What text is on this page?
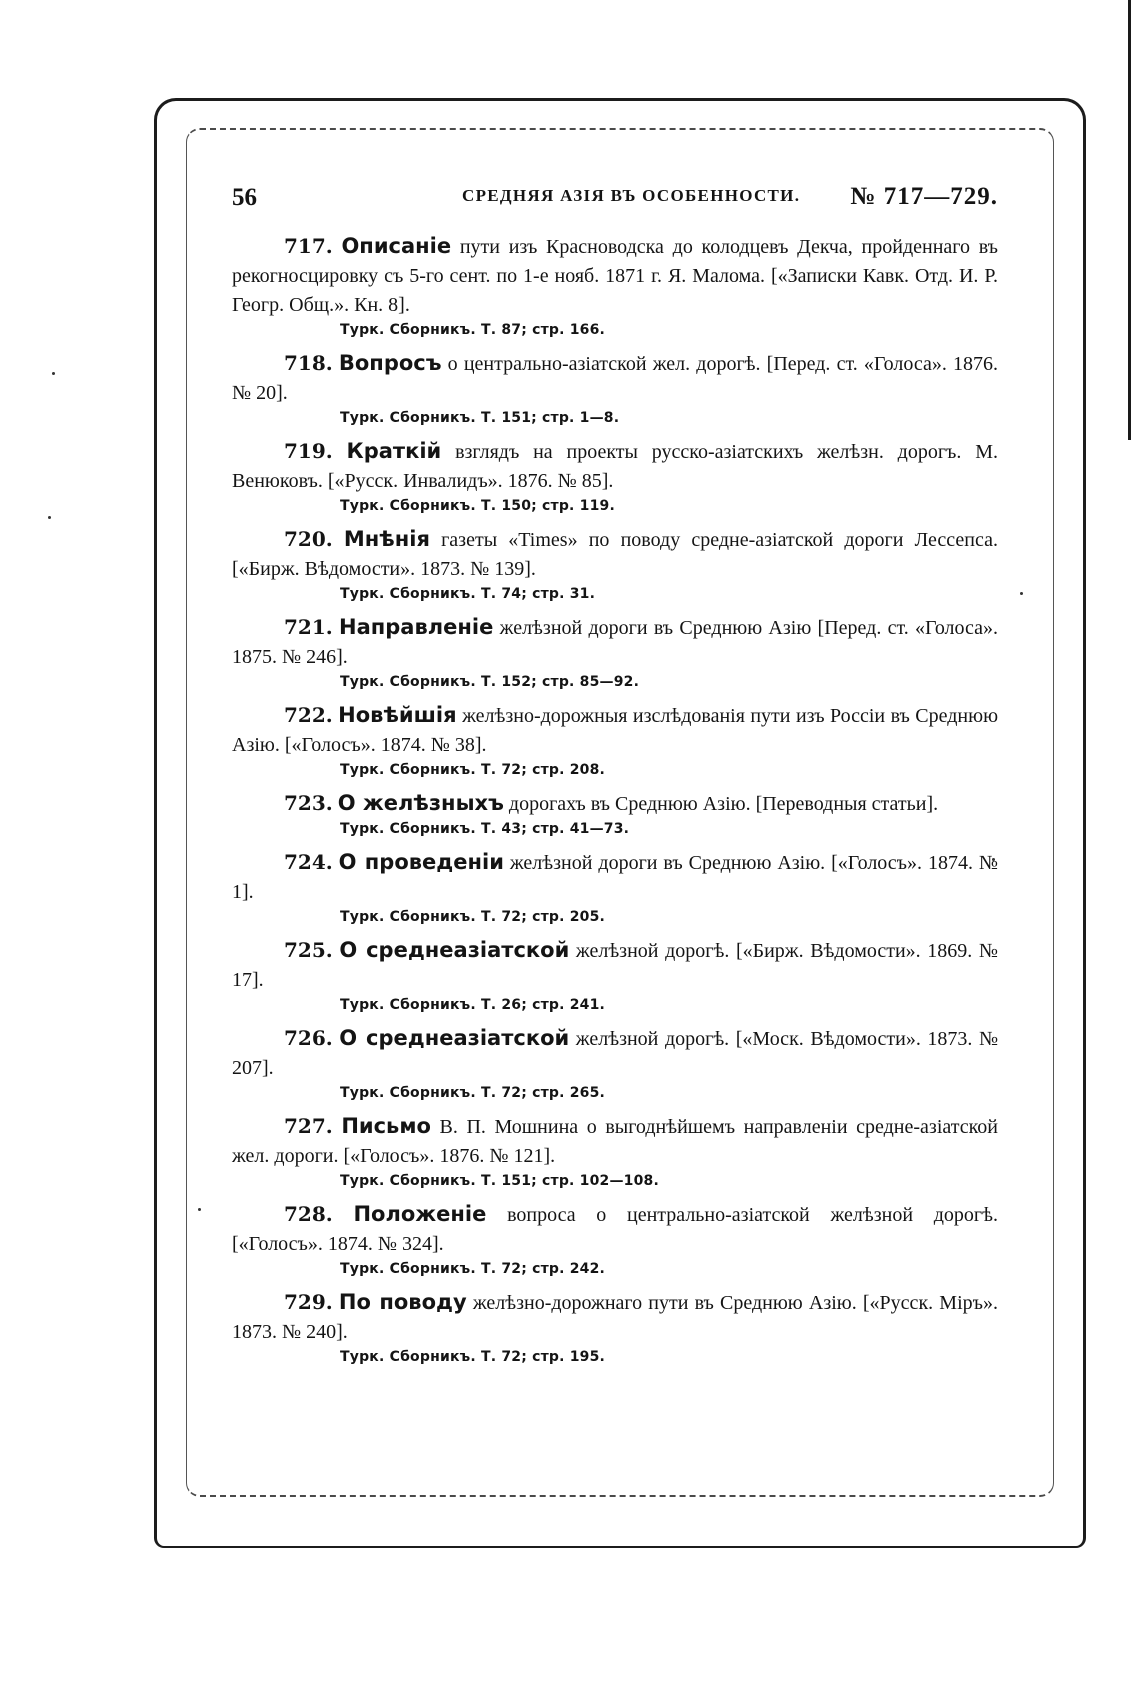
56	СРЕДНЯЯ АЗІЯ ВЪ ОСОБЕННОСТИ. № 717—729.

717. Описаніе пути изъ Красноводска до колодцевъ Декча, пройденнаго въ рекогносцировку съ 5-го сент. по 1-е нояб. 1871 г. Я. Малома. [«Записки Кавк. Отд. И. Р. Геогр. Общ.». Кн. 8].

Турк. Сборникъ. Т. 87; стр. 166.

718. Вопросъ о центрально-азіатской жел. дорогѣ. [Перед. ст. «Голоса». 1876. № 20].

Турк. Сборникъ. Т. 151; стр. 1—8.

719. Краткій взглядъ на проекты русско-азіатскихъ желѣзн. дорогъ. М. Венюковъ. [«Русск. Инвалидъ». 1876. № 85].

Турк. Сборникъ. Т. 150; стр. 119.

720. Мнѣнія газеты «Times» по поводу средне-азіатской дороги Лессепса. [«Бирж. Вѣдомости». 1873. № 139].

Турк. Сборникъ. Т. 74; стр. 31.

721. Направленіе желѣзной дороги въ Среднюю Азію [Перед. ст. «Голоса». 1875. № 246].

Турк. Сборникъ. Т. 152; стр. 85—92.

722. Новѣйшія желѣзно-дорожныя изслѣдованія пути изъ Россіи въ Среднюю Азію. [«Голосъ». 1874. № 38].

Турк. Сборникъ. Т. 72; стр. 208.

723. О желѣзныхъ дорогахъ въ Среднюю Азію. [Переводныя статьи].

Турк. Сборникъ. Т. 43; стр. 41—73.

724. О проведеніи желѣзной дороги въ Среднюю Азію. [«Голосъ». 1874. № 1].

Турк. Сборникъ. Т. 72; стр. 205.

725. О среднеазіатской желѣзной дорогѣ. [«Бирж. Вѣдомости». 1869. № 17].

Турк. Сборникъ. Т. 26; стр. 241.

726. О среднеазіатской желѣзной дорогѣ. [«Моск. Вѣдомости». 1873. № 207].

Турк. Сборникъ. Т. 72; стр. 265.

727. Письмо В. П. Мошнина о выгоднѣйшемъ направленіи средне-азіатской жел. дороги. [«Голосъ». 1876. № 121].

Турк. Сборникъ. Т. 151; стр. 102—108.

728. Положеніе вопроса о центрально-азіатской желѣзной дорогѣ. [«Голосъ». 1874. № 324].

Турк. Сборникъ. Т. 72; стр. 242.

729. По поводу желѣзно-дорожнаго пути въ Среднюю Азію. [«Русск. Міръ». 1873. № 240].

Турк. Сборникъ. Т. 72; стр. 195.
